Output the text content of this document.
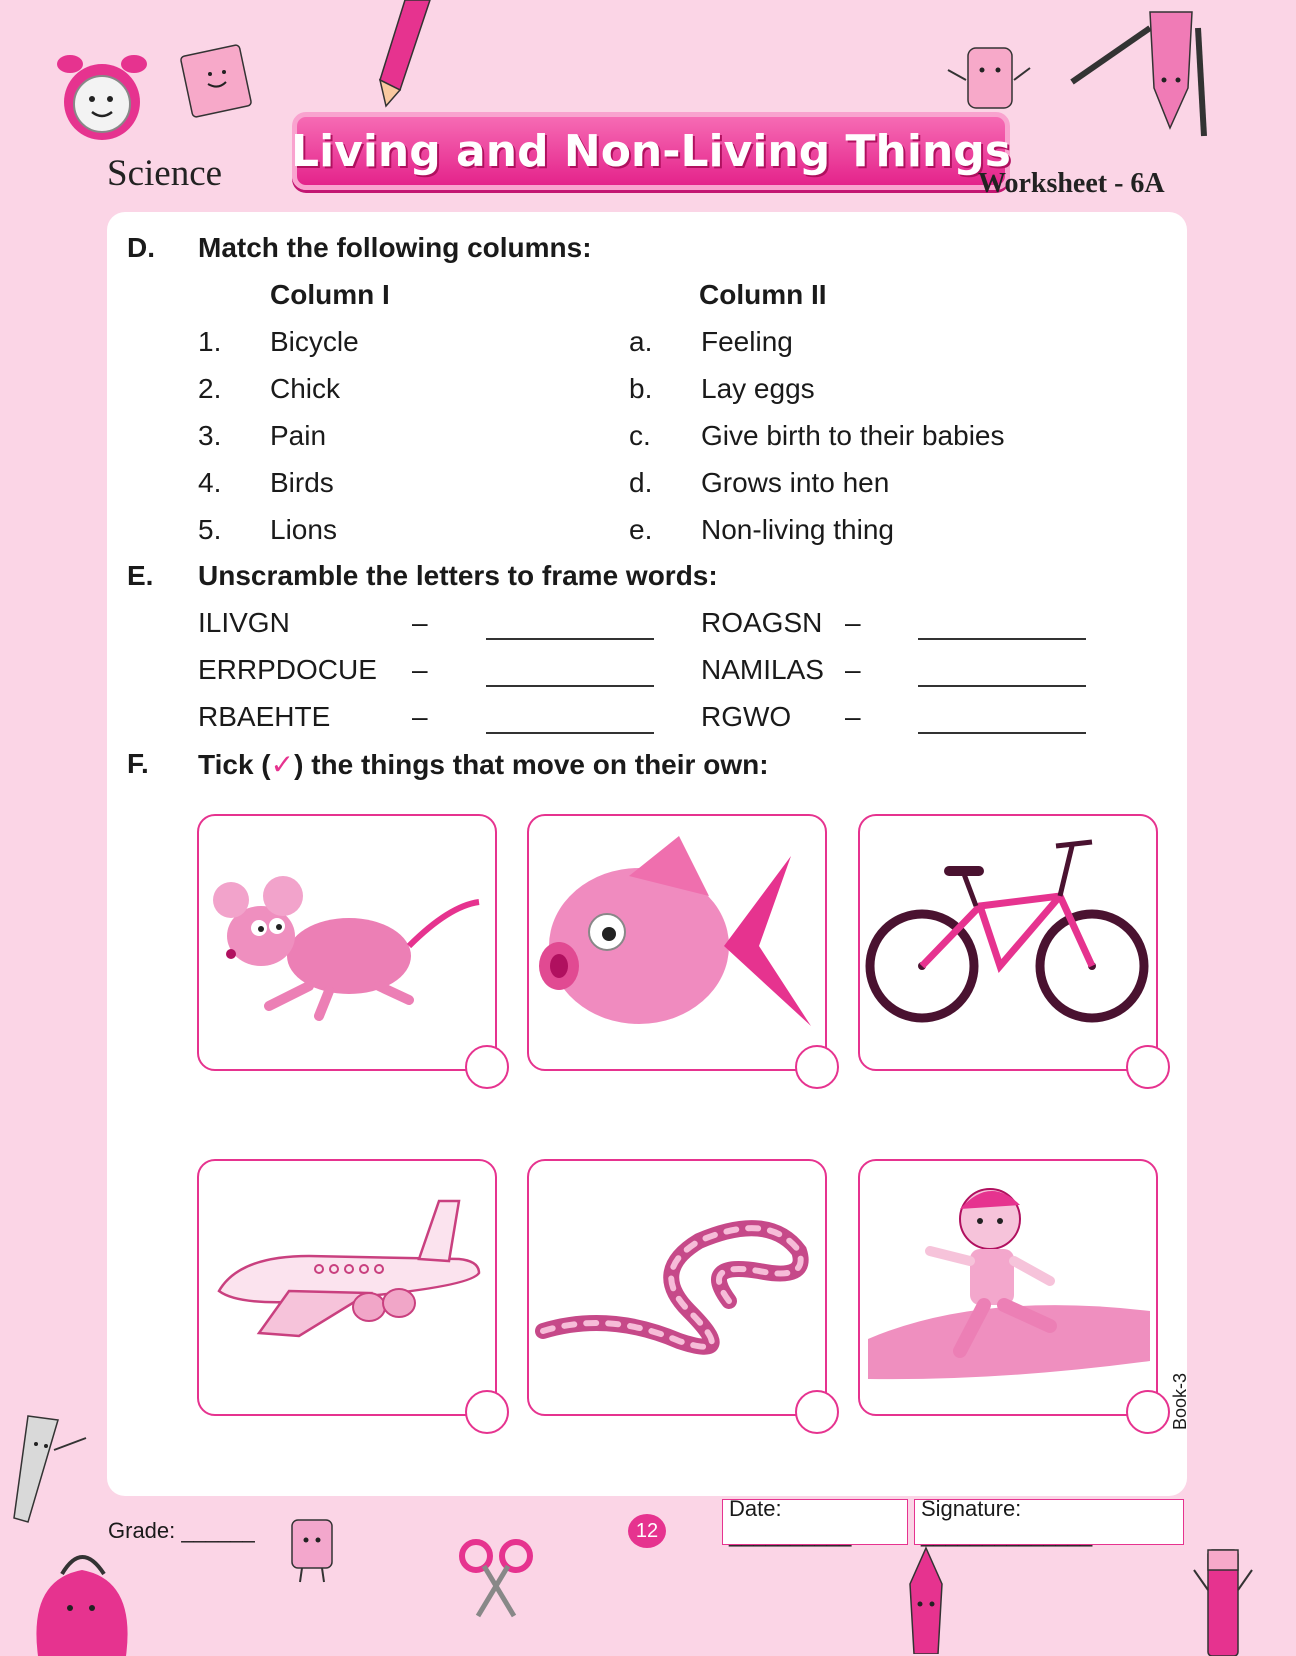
Science Living and Non-Living Things
Worksheet - 6A
D. Match the following columns:
Column I	Column II
1. Bicycle	a. Feeling
2. Chick	b. Lay eggs
3. Pain	c. Give birth to their babies
4. Birds	d. Grows into hen
5. Lions	e. Non-living thing
E. Unscramble the letters to frame words:
ILIVGN	–	ROAGSN –
ERRPDOCUE –	NAMILAS –
RBAEHTE	–	RGWO –
F. Tick (✓) the things that move on their own:
Book-3
Grade: ______	12
Date: __________
Signature: ______________
